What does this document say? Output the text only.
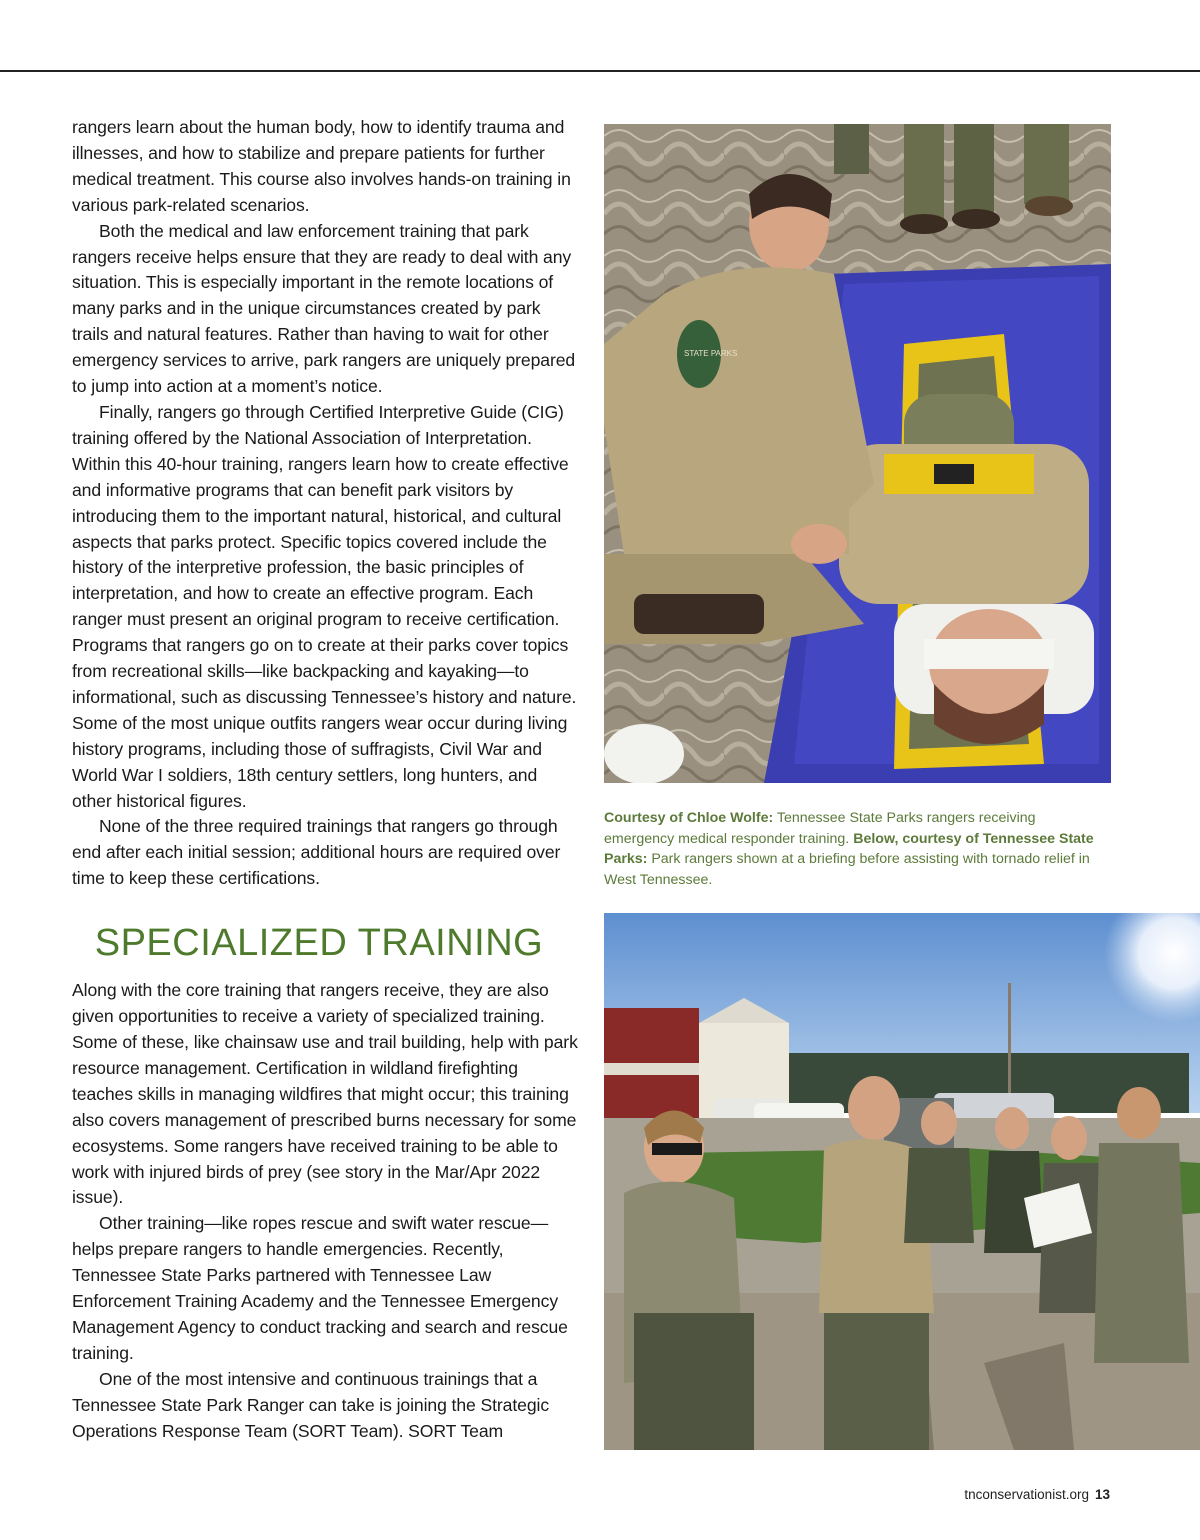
rangers learn about the human body, how to identify trauma and illnesses, and how to stabilize and prepare patients for further medical treatment. This course also involves hands-on training in various park-related scenarios.

Both the medical and law enforcement training that park rangers receive helps ensure that they are ready to deal with any situation. This is especially important in the remote locations of many parks and in the unique circumstances created by park trails and natural features. Rather than having to wait for other emergency services to arrive, park rangers are uniquely prepared to jump into action at a moment’s notice.

Finally, rangers go through Certified Interpretive Guide (CIG) training offered by the National Association of Interpretation. Within this 40-hour training, rangers learn how to create effective and informative programs that can benefit park visitors by introducing them to the important natural, historical, and cultural aspects that parks protect. Specific topics covered include the history of the interpretive profession, the basic principles of interpretation, and how to create an effective program. Each ranger must present an original program to receive certification. Programs that rangers go on to create at their parks cover topics from recreational skills—like backpacking and kayaking—to informational, such as discussing Tennessee’s history and nature. Some of the most unique outfits rangers wear occur during living history programs, including those of suffragists, Civil War and World War I soldiers, 18th century settlers, long hunters, and other historical figures.

None of the three required trainings that rangers go through end after each initial session; additional hours are required over time to keep these certifications.

SPECIALIZED TRAINING

Along with the core training that rangers receive, they are also given opportunities to receive a variety of specialized training. Some of these, like chainsaw use and trail building, help with park resource management. Certification in wildland firefighting teaches skills in managing wildfires that might occur; this training also covers management of prescribed burns necessary for some ecosystems. Some rangers have received training to be able to work with injured birds of prey (see story in the Mar/Apr 2022 issue).

Other training—like ropes rescue and swift water rescue—helps prepare rangers to handle emergencies. Recently, Tennessee State Parks partnered with Tennessee Law Enforcement Training Academy and the Tennessee Emergency Management Agency to conduct tracking and search and rescue training.

One of the most intensive and continuous trainings that a Tennessee State Park Ranger can take is joining the Strategic Operations Response Team (SORT Team). SORT Team

STATE PARKS

Courtesy of Chloe Wolfe: Tennessee State Parks rangers receiving emergency medical responder training. Below, courtesy of Tennessee State Parks: Park rangers shown at a briefing before assisting with tornado relief in West Tennessee.

tnconservationist.org 13
